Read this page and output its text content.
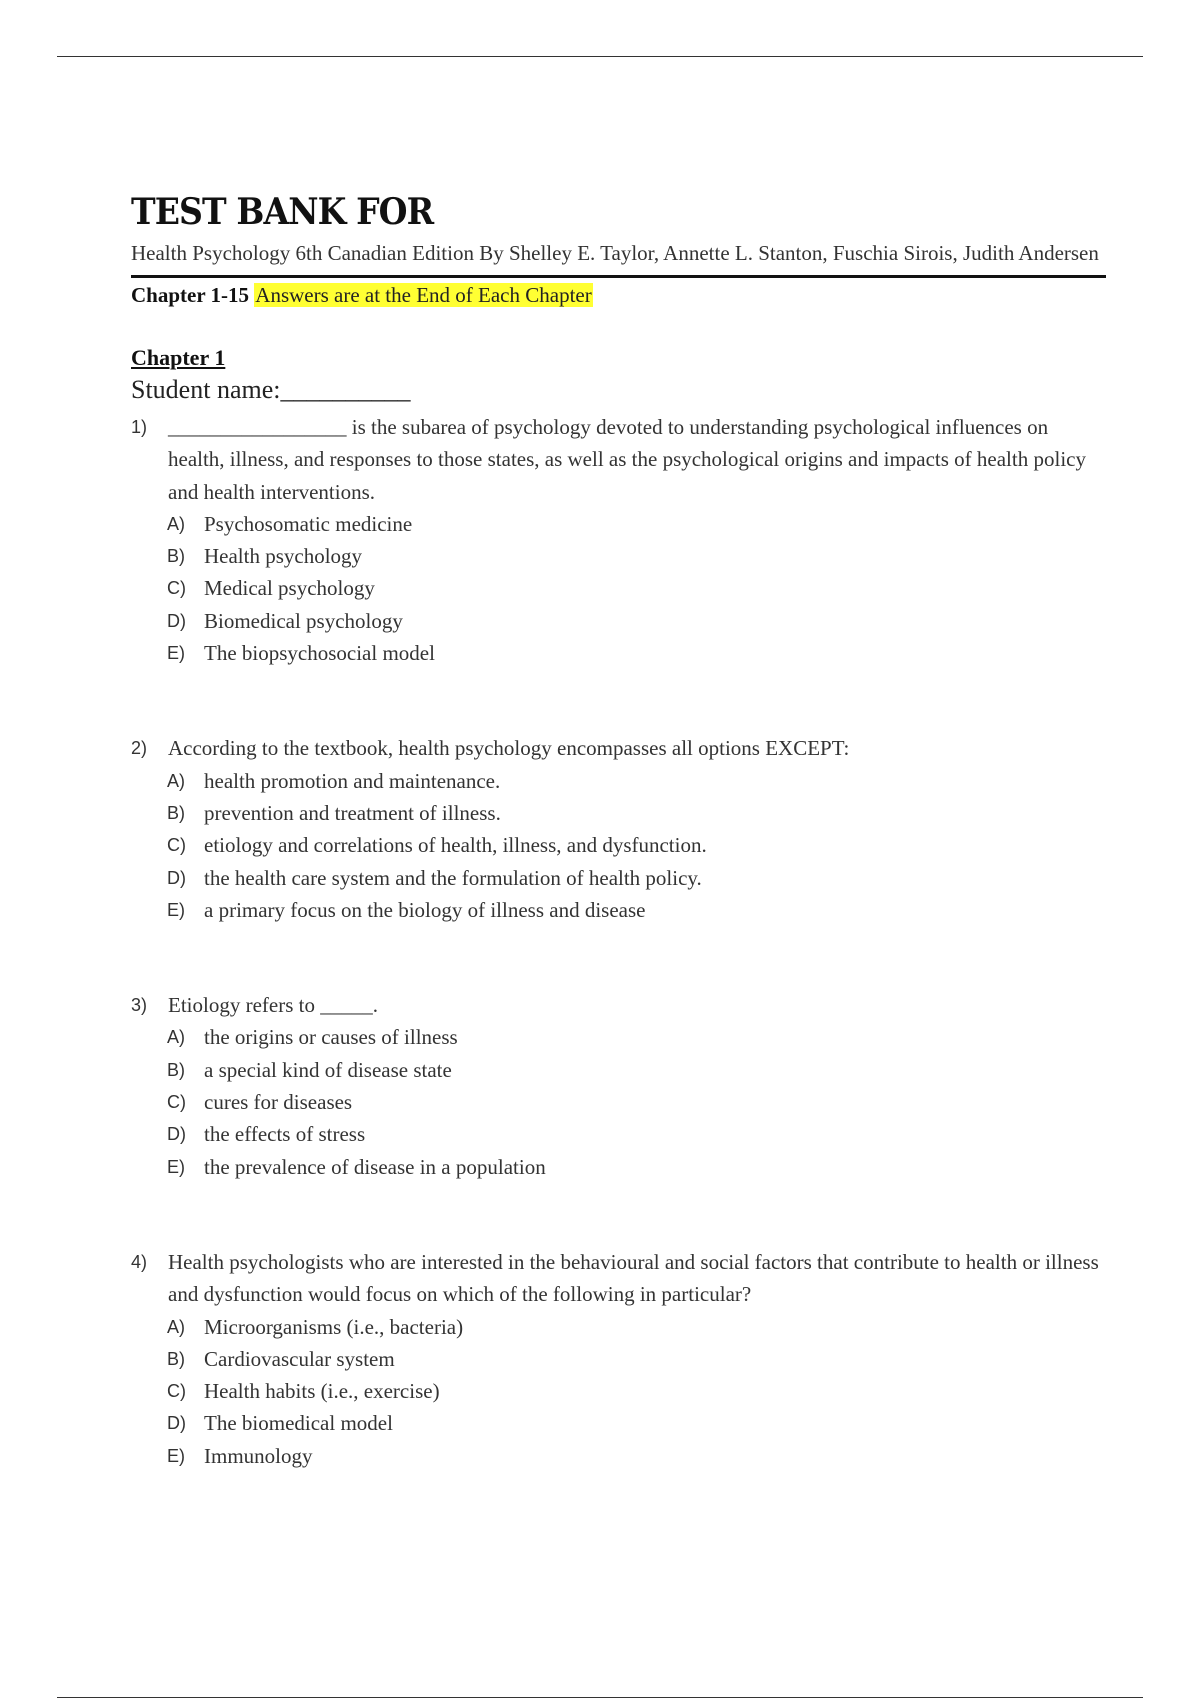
TEST BANK FOR
Health Psychology 6th Canadian Edition By Shelley E. Taylor, Annette L. Stanton, Fuschia Sirois, Judith Andersen
Chapter 1-15 Answers are at the End of Each Chapter
Chapter 1
Student name:__________
1) _________________ is the subarea of psychology devoted to understanding psychological influences on health, illness, and responses to those states, as well as the psychological origins and impacts of health policy and health interventions.
A) Psychosomatic medicine
B) Health psychology
C) Medical psychology
D) Biomedical psychology
E) The biopsychosocial model
2) According to the textbook, health psychology encompasses all options EXCEPT:
A) health promotion and maintenance.
B) prevention and treatment of illness.
C) etiology and correlations of health, illness, and dysfunction.
D) the health care system and the formulation of health policy.
E) a primary focus on the biology of illness and disease
3) Etiology refers to _____.
A) the origins or causes of illness
B) a special kind of disease state
C) cures for diseases
D) the effects of stress
E) the prevalence of disease in a population
4) Health psychologists who are interested in the behavioural and social factors that contribute to health or illness and dysfunction would focus on which of the following in particular?
A) Microorganisms (i.e., bacteria)
B) Cardiovascular system
C) Health habits (i.e., exercise)
D) The biomedical model
E) Immunology
